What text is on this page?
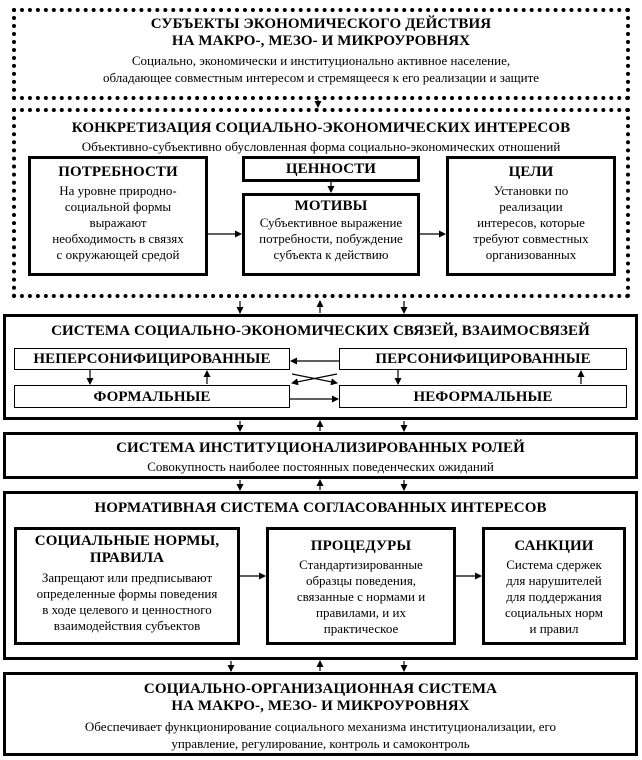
СУБЪЕКТЫ ЭКОНОМИЧЕСКОГО ДЕЙСТВИЯ
НА МАКРО-, МЕЗО- И МИКРОУРОВНЯХ
Социально, экономически и институционально активное население,
обладающее совместным интересом и стремящееся к его реализации и защите
КОНКРЕТИЗАЦИЯ СОЦИАЛЬНО-ЭКОНОМИЧЕСКИХ ИНТЕРЕСОВ
Объективно-субъективно обусловленная форма социально-экономических отношений
ПОТРЕБНОСТИ
На уровне природно-
социальной формы
выражают
необходимость в связях
с окружающей средой
ЦЕННОСТИ
МОТИВЫ
Субъективное выражение
потребности, побуждение
субъекта к действию
ЦЕЛИ
Установки по
реализации
интересов, которые
требуют совместных
организованных
СИСТЕМА СОЦИАЛЬНО-ЭКОНОМИЧЕСКИХ СВЯЗЕЙ, ВЗАИМОСВЯЗЕЙ
НЕПЕРСОНИФИЦИРОВАННЫЕ	ПЕРСОНИФИЦИРОВАННЫЕ
ФОРМАЛЬНЫЕ	НЕФОРМАЛЬНЫЕ
СИСТЕМА ИНСТИТУЦИОНАЛИЗИРОВАННЫХ РОЛЕЙ
Совокупность наиболее постоянных поведенческих ожиданий
НОРМАТИВНАЯ СИСТЕМА СОГЛАСОВАННЫХ ИНТЕРЕСОВ
СОЦИАЛЬНЫЕ НОРМЫ,
ПРАВИЛА
Запрещают или предписывают
определенные формы поведения
в ходе целевого и ценностного
взаимодействия субъектов
ПРОЦЕДУРЫ
Стандартизированные
образцы поведения,
связанные с нормами и
правилами, и их
практическое
САНКЦИИ
Система сдержек
для нарушителей
для поддержания
социальных норм
и правил
СОЦИАЛЬНО-ОРГАНИЗАЦИОННАЯ СИСТЕМА
НА МАКРО-, МЕЗО- И МИКРОУРОВНЯХ
Обеспечивает функционирование социального механизма институционализации, его
управление, регулирование, контроль и самоконтроль
